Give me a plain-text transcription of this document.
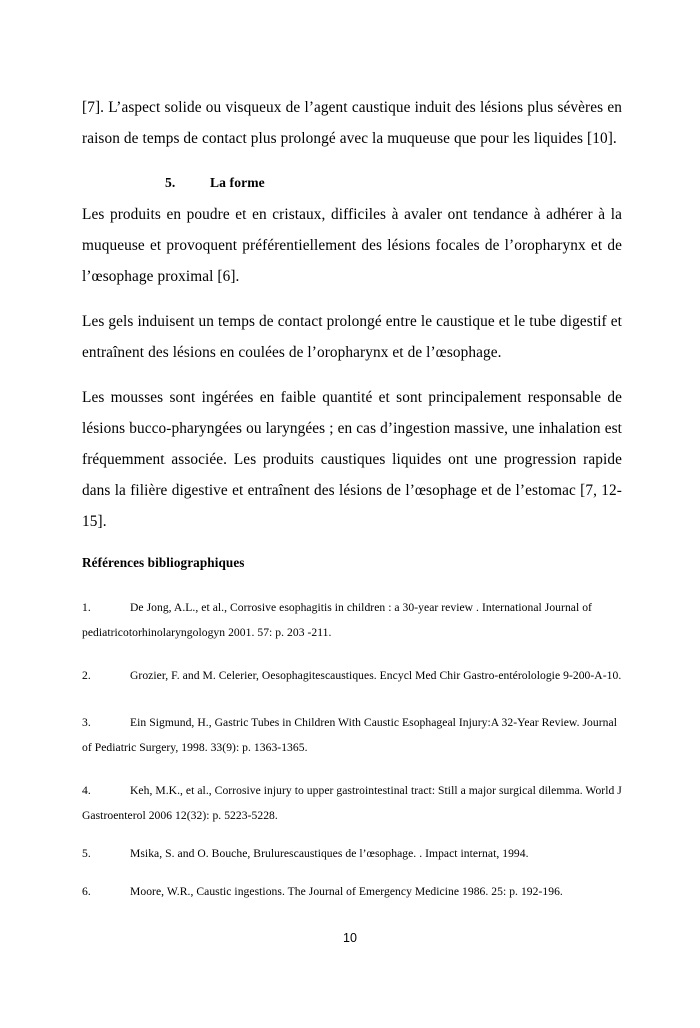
[7]. L’aspect solide ou visqueux de l’agent caustique induit des lésions plus sévères en raison de temps de contact plus prolongé avec la muqueuse que pour les liquides [10].

5.	La forme

Les produits en poudre et en cristaux, difficiles à avaler ont tendance à adhérer à la muqueuse et provoquent préférentiellement des lésions focales de l’oropharynx et de l’œsophage proximal [6].

Les gels induisent un temps de contact prolongé entre le caustique et le tube digestif et entraînent des lésions en coulées de l’oropharynx et de l’œsophage.

Les mousses sont ingérées en faible quantité et sont principalement responsable de lésions bucco-pharyngées ou laryngées ; en cas d’ingestion massive, une inhalation est fréquemment associée. Les produits caustiques liquides ont une progression rapide dans la filière digestive et entraînent des lésions de l’œsophage et de l’estomac [7, 12-15].

Références bibliographiques

1.	De Jong, A.L., et al., Corrosive esophagitis in children : a 30-year review . International Journal of pediatricotorhinolaryngologyn 2001. 57: p. 203 -211.

2.	Grozier, F. and M. Celerier, Oesophagitescaustiques. Encycl Med Chir Gastro-entérolologie 9-200-A-10.

3.	Ein Sigmund, H., Gastric Tubes in Children With Caustic Esophageal Injury:A 32-Year Review. Journal of Pediatric Surgery, 1998. 33(9): p. 1363-1365.

4.	Keh, M.K., et al., Corrosive injury to upper gastrointestinal tract: Still a major surgical dilemma. World J Gastroenterol 2006 12(32): p. 5223-5228.

5.	Msika, S. and O. Bouche, Brulurescaustiques de l’œsophage. . Impact internat, 1994.

6.	Moore, W.R., Caustic ingestions. The Journal of Emergency Medicine 1986. 25: p. 192-196.

10
